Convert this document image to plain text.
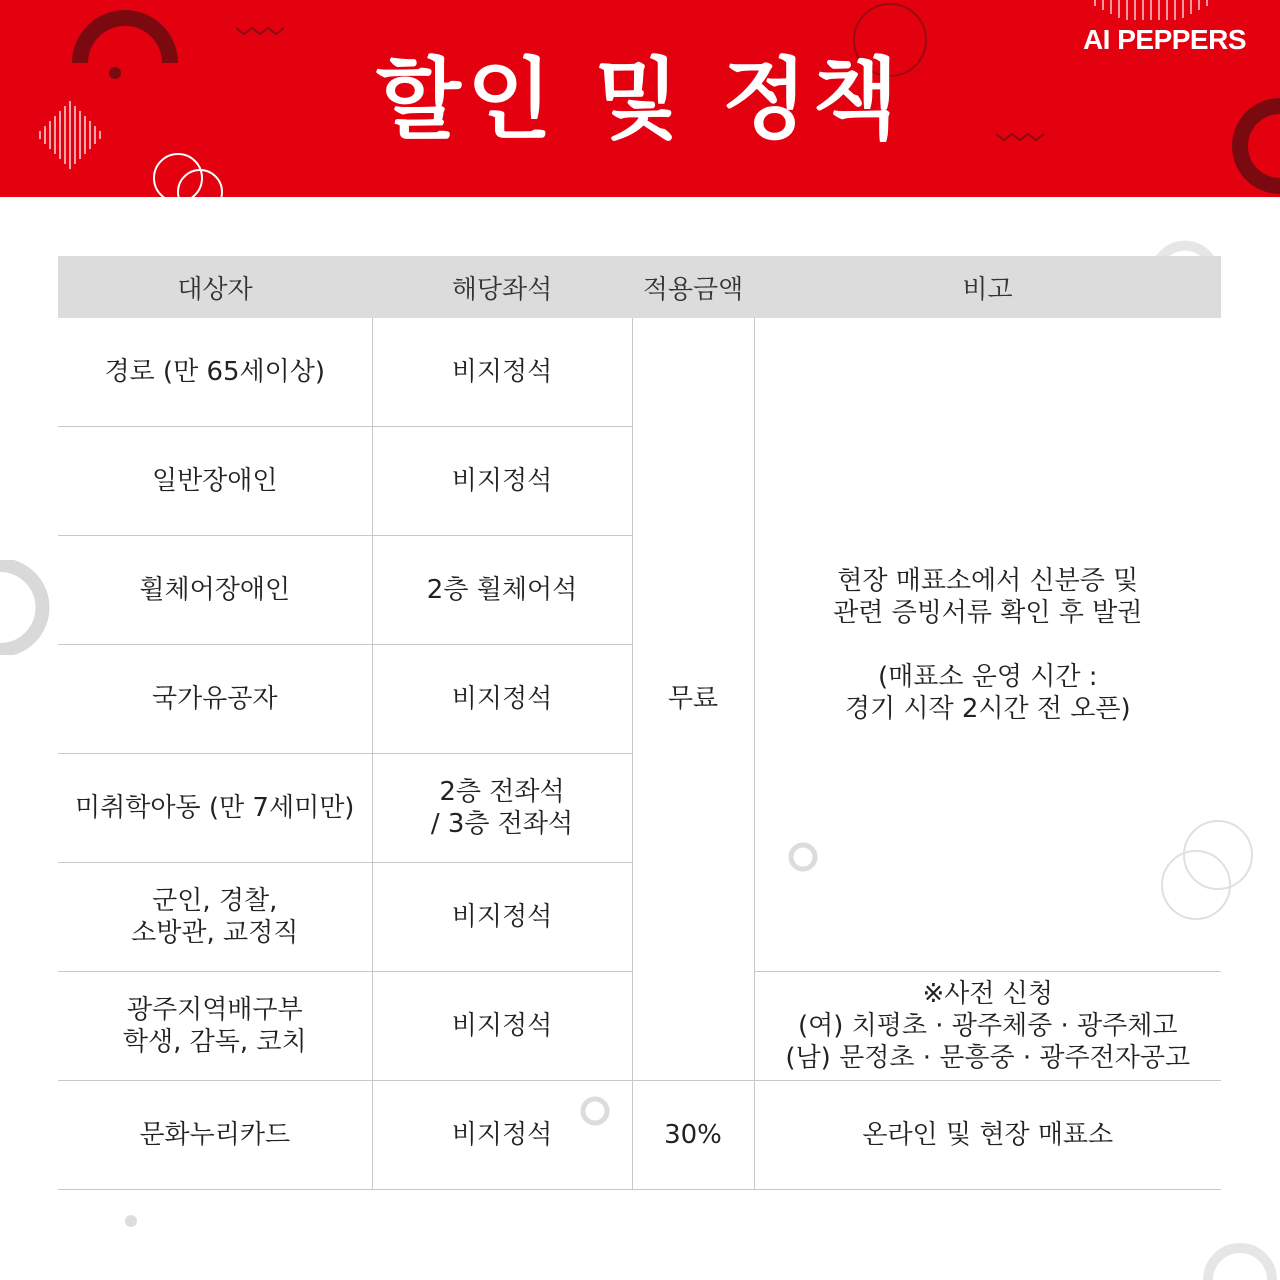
할인 및 정책
AI PEPPERS
대상자	해당좌석	적용금액	비고
경로 (만 65세이상)	비지정석	무료	현장 매표소에서 신분증 및
관련 증빙서류 확인 후 발권
(매표소 운영 시간 :
경기 시작 2시간 전 오픈)

일반장애인	비지정석		
휠체어장애인	2층 휠체어석		
국가유공자	비지정석		
미취학아동 (만 7세미만)	2층 전좌석
/ 3층 전좌석		

군인, 경찰,
소방관, 교정직	비지정석		

광주지역배구부
학생, 감독, 코치	비지정석		※사전 신청
(여) 치평초 · 광주체중 · 광주체고
(남) 문정초 · 문흥중 · 광주전자공고

문화누리카드	비지정석	30%	온라인 및 현장 매표소
